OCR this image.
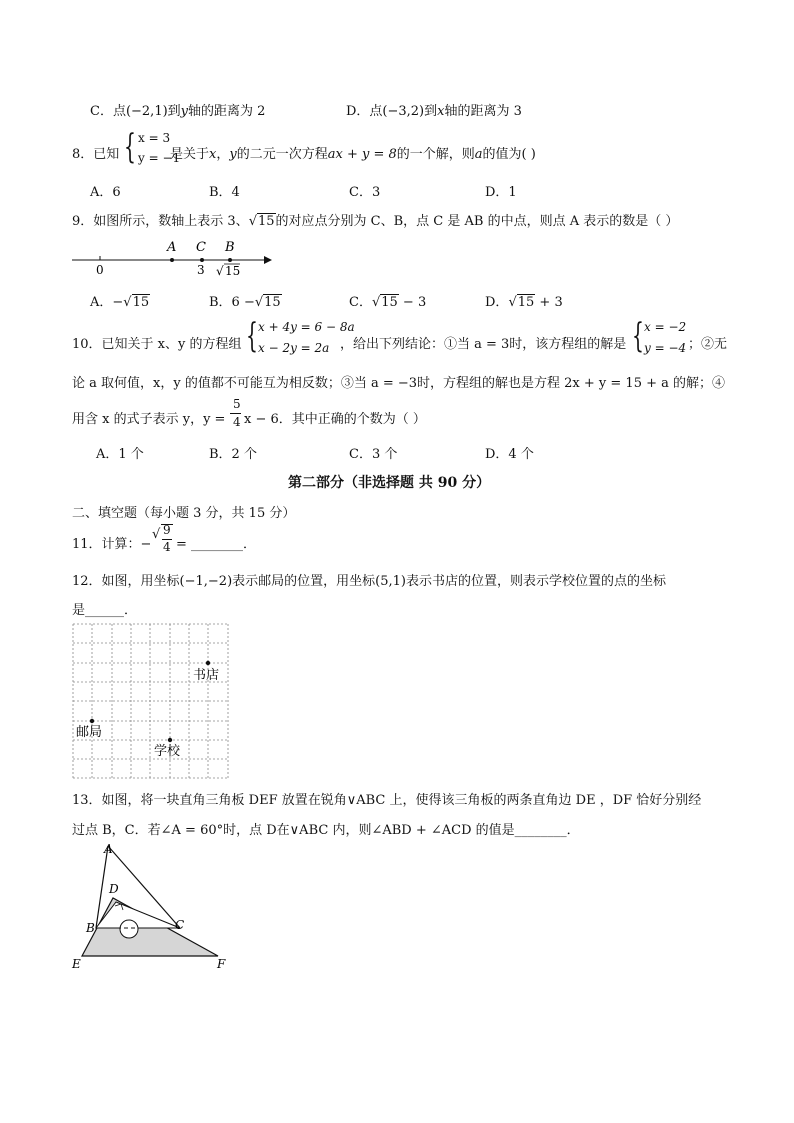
C．点(−2,1)到y轴的距离为 2	D．点(−3,2)到x轴的距离为 3
8．已知 { x = 3
y = −1
是关于x，y的二元一次方程ax + y = 8的一个解，则a的值为( )
A．6	B．4	C．3	D．1
9．如图所示，数轴上表示 3、√15的对应点分别为 C、B，点 C 是 AB 的中点，则点 A 表示的数是（ ）
A C B
0	3 √ 15
A．−√15	B．6 −√15	C．√15 − 3	D．√15 + 3
10．已知关于 x、y 的方程组 { x + 4y = 6 − 8a
x − 2y = 2a ，给出下列结论：①当 a = 3时，该方程组的解是 { x = −2
y = −4 ；②无
论 a 取何值，x，y 的值都不可能互为相反数；③当 a = −3时，方程组的解也是方程 2x + y = 15 + a 的解；④
用含 x 的式子表示 y，y =
5
4 x − 6．其中正确的个数为（ ）
A．1 个	B．2 个	C．3 个	D．4 个
第二部分（非选择题 共 90 分）
二、填空题（每小题 3 分，共 15 分）
11．计算：−
√ 9
4 = ________．
12．如图，用坐标(−1,−2)表示邮局的位置，用坐标(5,1)表示书店的位置，则表示学校位置的点的坐标
是______．
书店
邮局
学校
13．如图，将一块直角三角板 DEF 放置在锐角∨ABC 上，使得该三角板的两条直角边 DE ，DF 恰好分别经
过点 B，C．若∠A = 60°时，点 D在∨ABC 内，则∠ABD + ∠ACD 的值是________．
A
B	C
D
E	F
